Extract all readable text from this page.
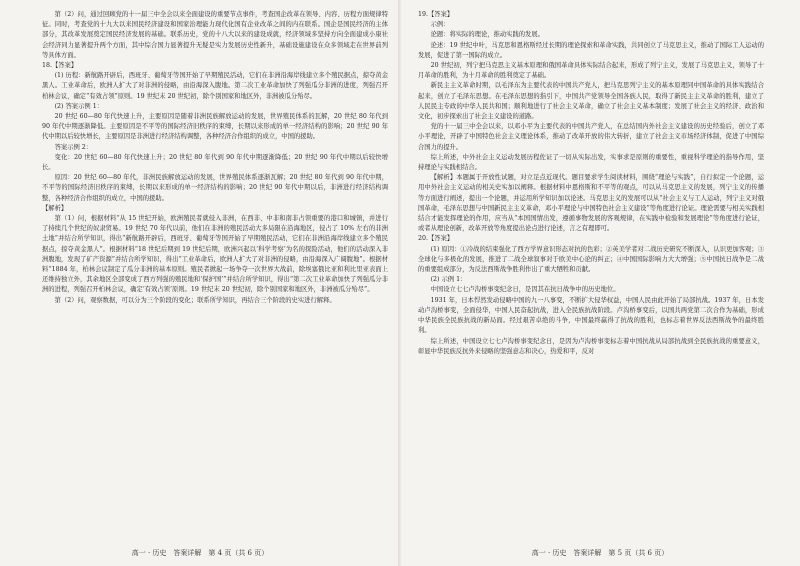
第（2）问，通过回顾党的十一届三中全会以来全面建设的重要节点事件，考查国企改革在领导、内容、历程方面规律特征。同时，考查党的十九大以来国民经济建设和国家治理能力现代化国有企业改革之间的内在联系。国企是国民经济的主体部分，其改革发展奠定国民经济发展的基础。联系历史，党的十八大以来的建设成就，经济领域多坚持方向全面建成小康社会经济同力显著提升两个方面，其中综合国力显著提升无疑是实力发展历史性新升，基础设施建设在众多领域走在世界前列等具体方面。

18.【答案】

(1) 历程：新航路开辟后，西班牙、葡萄牙等国开始了早期殖民活动，它们在非洲沿海岸线建立多个殖民据点，掠夺黄金黑人。工业革命后，欧洲人扩大了对非洲的侵略，由沿海深入腹地。第二次工业革命加快了列强瓜分非洲的进度，列强召开柏林会议，确定“有效占领”原则。19 世纪末 20 世纪初，除个别国家和地区外，非洲被瓜分殆尽。

(2) 答案示例 1：

20 世纪 60—80 年代快速上升，主要原因是随着非洲民族解放运动的发展，世界殖民体系的瓦解，20 世纪 80 年代到 90 年代中期逐渐降低。主要原因是不平等的国际经济旧秩序的束缚，长期以来形成的单一经济结构的影响；20 世纪 90 年代中期以后较快增长，主要原因是非洲进行经济结构调整，各种经济合作组织的成立，中国的援助。

答案示例 2：

变化：20 世纪 60—80 年代快速上升；20 世纪 80 年代到 90 年代中期逐渐降低；20 世纪 90 年代中期以后较快增长。

原因：20 世纪 60—80 年代，非洲民族解放运动的发展，世界殖民体系逐渐瓦解；20 世纪 80 年代到 90 年代中期，不平等的国际经济旧秩序的束缚，长期以来形成的单一经济结构的影响；20 世纪 90 年代中期以后，非洲进行经济结构调整，各种经济合作组织的成立，中国的援助。

【解析】

第（1）问，根据材料“从 15 世纪开始，欧洲殖民者就侵入非洲，在西非、中非和南非占领重要的港口和城镇，并进行了持续几个世纪的奴隶贸易。19 世纪 70 年代以前，他们在非洲的殖民活动大多局限在沿海地区，侵占了 10% 左右的非洲土地”并结合所学知识，得出“新航路开辟后，西班牙、葡萄牙等国开始了早期殖民活动，它们在非洲沿海岸线建立多个殖民据点，掠夺黄金黑人”。根据材料“18 世纪后期到 19 世纪后期，欧洲兴起以‘科学考察’为名的探险活动，他们的活动深入非洲腹地，发现了矿产资源”并结合所学知识，得出“工业革命后，欧洲人扩大了对非洲的侵略，由沿海深入广阔腹地”。根据材料“1884 年，柏林会议制定了瓜分非洲的基本原则。殖民者掀起一场争夺一次世界大战前，除埃塞俄比亚和利比里亚表面上还维持独立外，其余地区全部变成了西方列强的殖民地和‘保护国’”并结合所学知识，得出“第二次工业革命加快了列强瓜分非洲的进程，列强召开柏林会议，确定‘有效占领’原则。19 世纪末 20 世纪初，除个别国家和地区外，非洲被瓜分殆尽”。

第（2）问，观察数据，可以分为三个阶段的变化；联系所学知识，再结合三个阶段的史实进行解释。

高一 · 历史　答案详解　第 4 页（共 6 页）

19.【答案】

示例：

论题：将实际的理论，推动实践的发展。

论述：19 世纪中叶，马克思和恩格斯经过长期的理论探索和革命实践，共同创立了马克思主义，推动了国际工人运动的发展，促进了第一国际的成立。

20 世纪初，列宁把马克思主义基本原理和俄国革命具体实际结合起来，形成了列宁主义，发展了马克思主义，领导了十月革命的胜利，为十月革命的胜利奠定了基础。

新民主主义革命时期，以毛泽东为主要代表的中国共产党人，把马克思列宁主义的基本原理同中国革命的具体实践结合起来，创立了毛泽东思想。在毛泽东思想的指引下，中国共产党领导全国各族人民，取得了新民主主义革命的胜利，建立了人民民主专政的中华人民共和国；顺利地进行了社会主义革命，确立了社会主义基本制度；发展了社会主义的经济、政治和文化，初步探索出了社会主义建设的道路。

党的十一届三中全会以来，以邓小平为主要代表的中国共产党人，在总结国内外社会主义建设的历史经验后，创立了邓小平理论，开辟了中国特色社会主义理论体系，推动了改革开放的伟大转折，建立了社会主义市场经济体制，促进了中国综合国力的提升。

综上所述，中外社会主义运动发展历程佐证了一切从实际出发，实事求是原则的重要性，重视科学理论的指导作用，坚持理论与实践相结合。

【解析】本题属于开放性试题，对立足点近现代。题目要求学生阅读材料，围绕“理论与实践”，自行拟定一个论题，运用中外社会主义运动的相关史实加以阐释。根据材料中恩格斯和不平等的观点，可以从马克思主义的发展，列宁主义的传播等方面进行阐述，提出一个论题，并运用所学知识加以论述。马克思主义的发展可以从“社会主义与工人运动，列宁主义对俄国革命，毛泽东思想与中国新民主主义革命，邓小平理论与中国特色社会主义建设”等角度进行论证。理论需要与相关实践相结合才能发挥理论的作用，应当从“本国国情出发，遵循事物发展的客观规律，在实践中检验和发展理论”等角度进行论证，或者从理论创新，改革开放等角度提出论点进行论述，言之有理即可。

20.【答案】

(1) 原因：①冷战的结束强化了西方学界意识形态对抗的色彩；②英美学者对二战历史研究不断深入，认识更加客观；③全球化与多极化的发展，推进了二战全球叙事对于欧美中心论的纠正；④中国国际影响力大大增强；⑤中国抗日战争是二战的重要组成部分，为反法西斯战争胜利作出了重大牺牲和贡献。

(2) 示例 1：

中国设立七七卢沟桥事变纪念日，是因其在抗日战争中的历史地位。

1931 年，日本悍然发动侵略中国的九一八事变，不断扩大侵华权益，中国人民由此开始了局部抗战。1937 年，日本发动卢沟桥事变，全面侵华，中国人民奋起抗战，进入全民族抗战阶段。卢沟桥事变后，以国共两党第二次合作为基础，形成中华民族全民族抗战的新局面。经过艰苦卓绝的斗争，中国最终赢得了抗战的胜利，也标志着世界反法西斯战争的最终胜利。

综上所述，中国设立七七卢沟桥事变纪念日，是因为卢沟桥事变标志着中国抗战从局部抗战到全民族抗战的重要意义，彰显中华民族反抗外来侵略的坚强意志和决心，热爱和平，反对

高一 · 历史　答案详解　第 5 页（共 6 页）
